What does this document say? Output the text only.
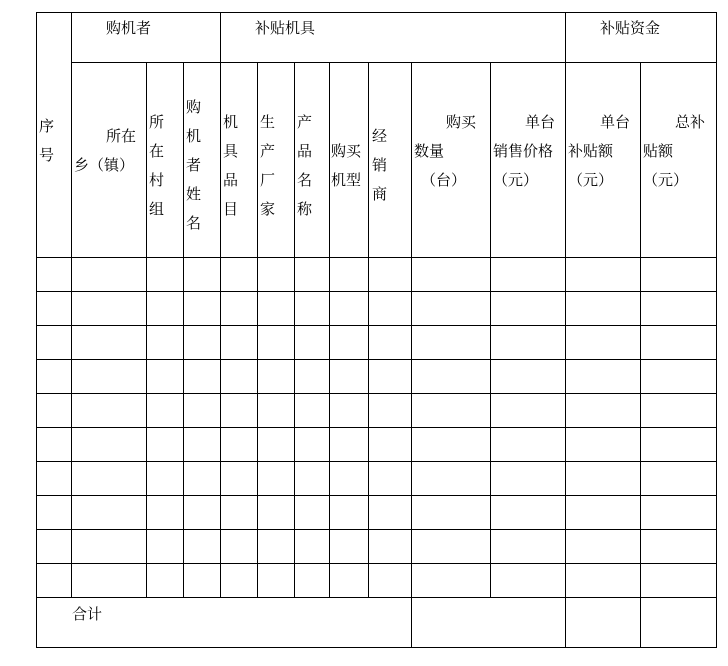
购机者	补贴机具	补贴资金
序号
所在
乡（镇）
所在村组
购机者姓名
机具品目
生产厂家
产品名称
购买
机型
经销商
购买
数量
（台）
单台
销售价格
（元）
单台
补贴额
（元）
总补
贴额
（元）
合计
